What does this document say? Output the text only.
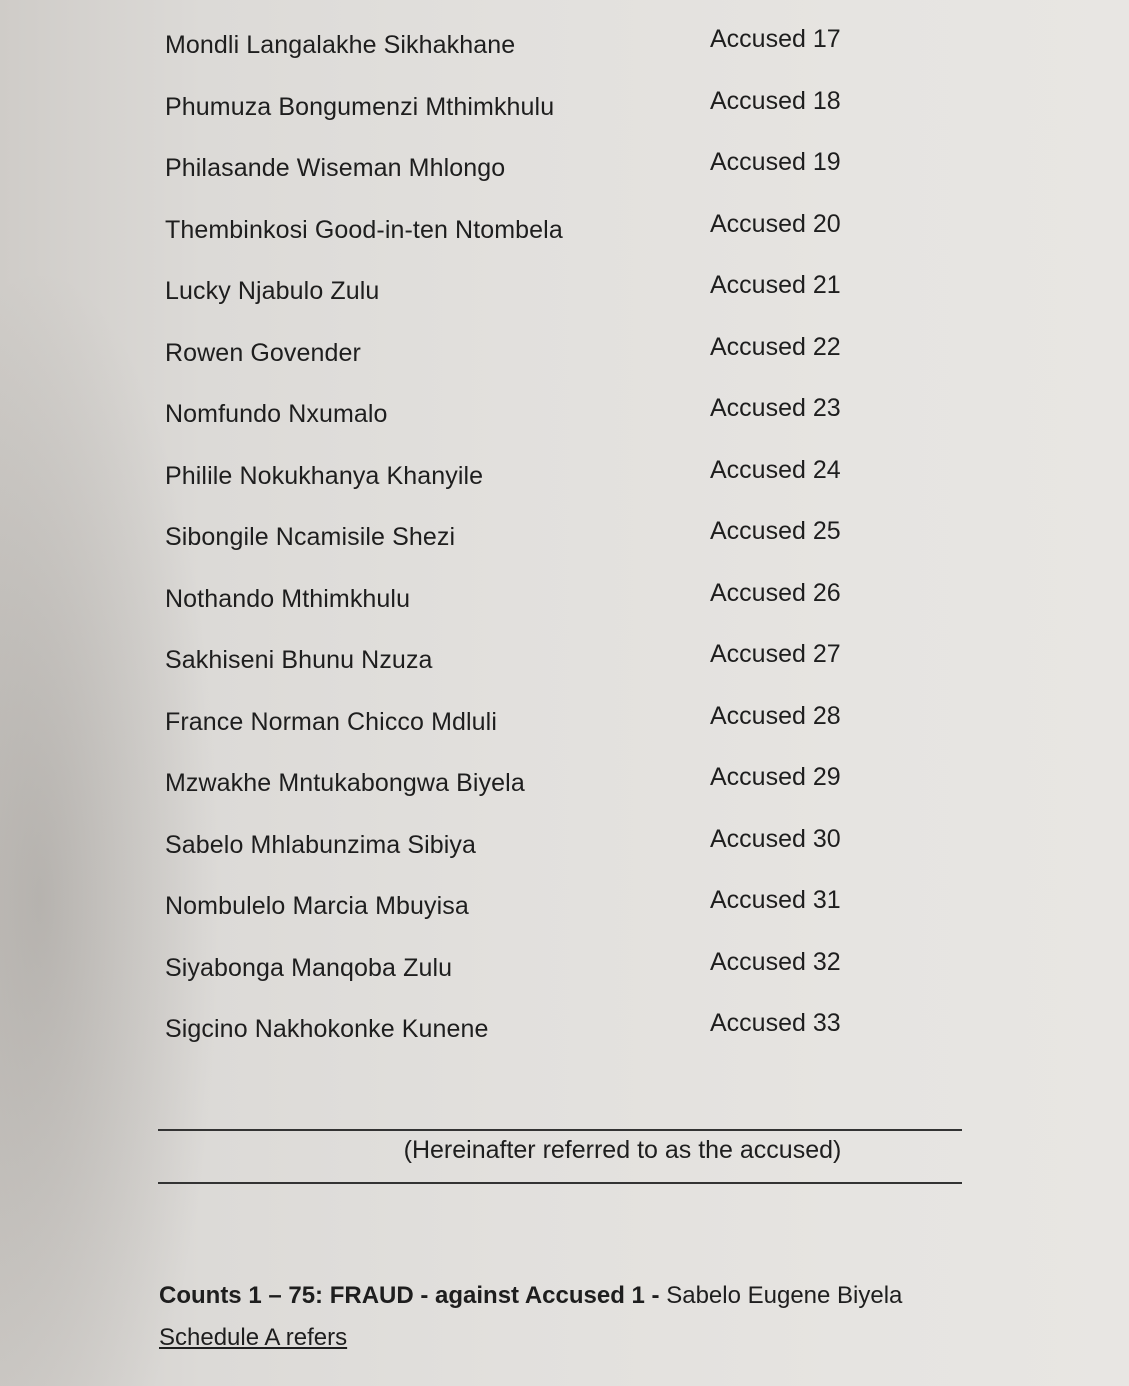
Mondli Langalakhe Sikhakhane	Accused 17
Phumuza Bongumenzi Mthimkhulu	Accused 18
Philasande Wiseman Mhlongo	Accused 19
Thembinkosi Good-in-ten Ntombela	Accused 20
Lucky Njabulo Zulu	Accused 21
Rowen Govender	Accused 22
Nomfundo Nxumalo	Accused 23
Philile Nokukhanya Khanyile	Accused 24
Sibongile Ncamisile Shezi	Accused 25
Nothando Mthimkhulu	Accused 26
Sakhiseni Bhunu Nzuza	Accused 27
France Norman Chicco Mdluli	Accused 28
Mzwakhe Mntukabongwa Biyela	Accused 29
Sabelo Mhlabunzima Sibiya	Accused 30
Nombulelo Marcia Mbuyisa	Accused 31
Siyabonga Manqoba Zulu	Accused 32
Sigcino Nakhokonke Kunene	Accused 33
(Hereinafter referred to as the accused)
Counts 1 – 75: FRAUD - against Accused 1 - Sabelo Eugene Biyela
Schedule A refers
